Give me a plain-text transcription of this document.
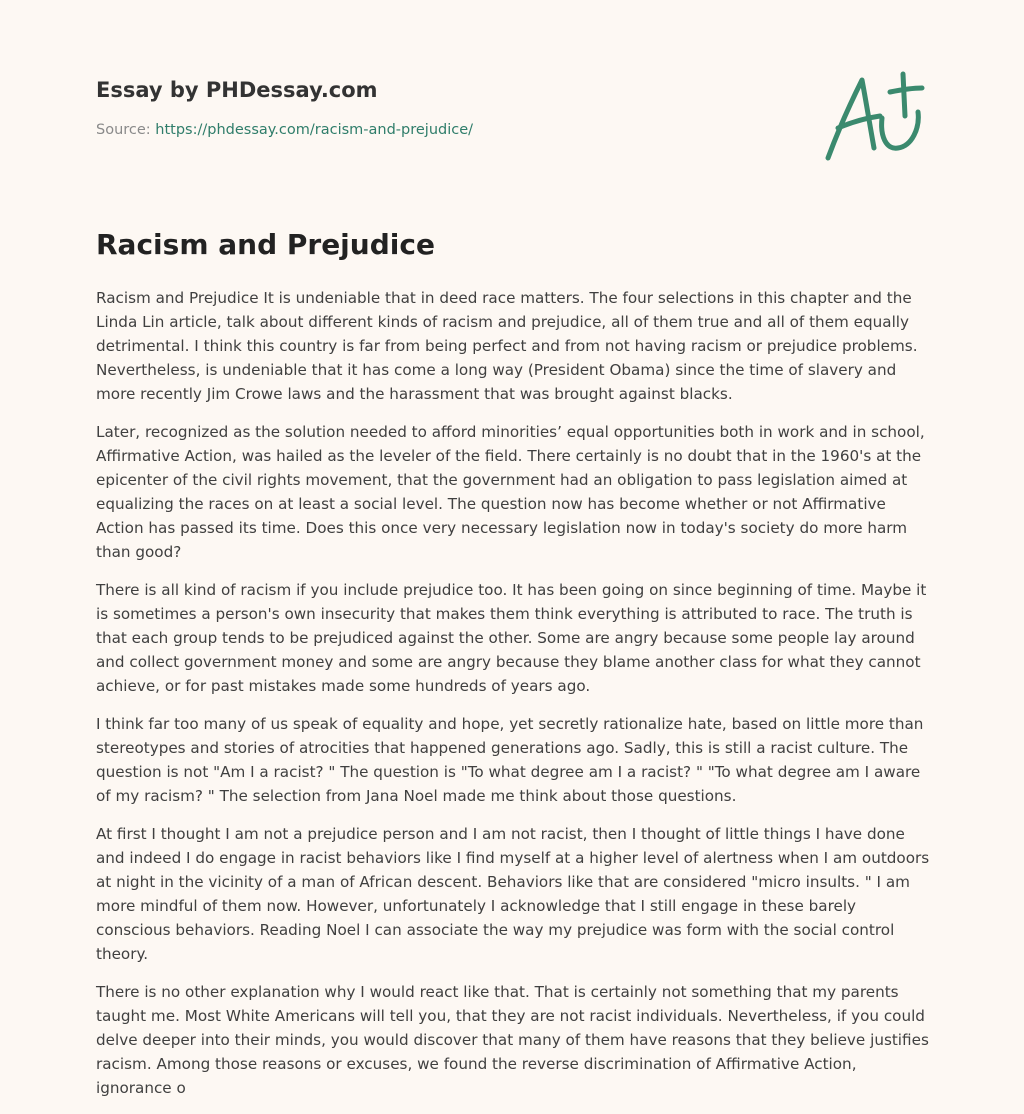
Essay by PHDessay.com
Source: https://phdessay.com/racism-and-prejudice/
Racism and Prejudice

Racism and Prejudice It is undeniable that in deed race matters. The four selections in this chapter and the Linda Lin article, talk about different kinds of racism and prejudice, all of them true and all of them equally detrimental. I think this country is far from being perfect and from not having racism or prejudice problems. Nevertheless, is undeniable that it has come a long way (President Obama) since the time of slavery and more recently Jim Crowe laws and the harassment that was brought against blacks.

Later, recognized as the solution needed to afford minorities’ equal opportunities both in work and in school, Affirmative Action, was hailed as the leveler of the field. There certainly is no doubt that in the 1960's at the epicenter of the civil rights movement, that the government had an obligation to pass legislation aimed at equalizing the races on at least a social level. The question now has become whether or not Affirmative Action has passed its time. Does this once very necessary legislation now in today's society do more harm than good?

There is all kind of racism if you include prejudice too. It has been going on since beginning of time. Maybe it is sometimes a person's own insecurity that makes them think everything is attributed to race. The truth is that each group tends to be prejudiced against the other. Some are angry because some people lay around and collect government money and some are angry because they blame another class for what they cannot achieve, or for past mistakes made some hundreds of years ago.

I think far too many of us speak of equality and hope, yet secretly rationalize hate, based on little more than stereotypes and stories of atrocities that happened generations ago. Sadly, this is still a racist culture. The question is not "Am I a racist? " The question is "To what degree am I a racist? " "To what degree am I aware of my racism? " The selection from Jana Noel made me think about those questions.

At first I thought I am not a prejudice person and I am not racist, then I thought of little things I have done and indeed I do engage in racist behaviors like I find myself at a higher level of alertness when I am outdoors at night in the vicinity of a man of African descent. Behaviors like that are considered "micro insults. " I am more mindful of them now. However, unfortunately I acknowledge that I still engage in these barely conscious behaviors. Reading Noel I can associate the way my prejudice was form with the social control theory.

There is no other explanation why I would react like that. That is certainly not something that my parents taught me. Most White Americans will tell you, that they are not racist individuals. Nevertheless, if you could delve deeper into their minds, you would discover that many of them have reasons that they believe justifies racism. Among those reasons or excuses, we found the reverse discrimination of Affirmative Action, ignorance o
